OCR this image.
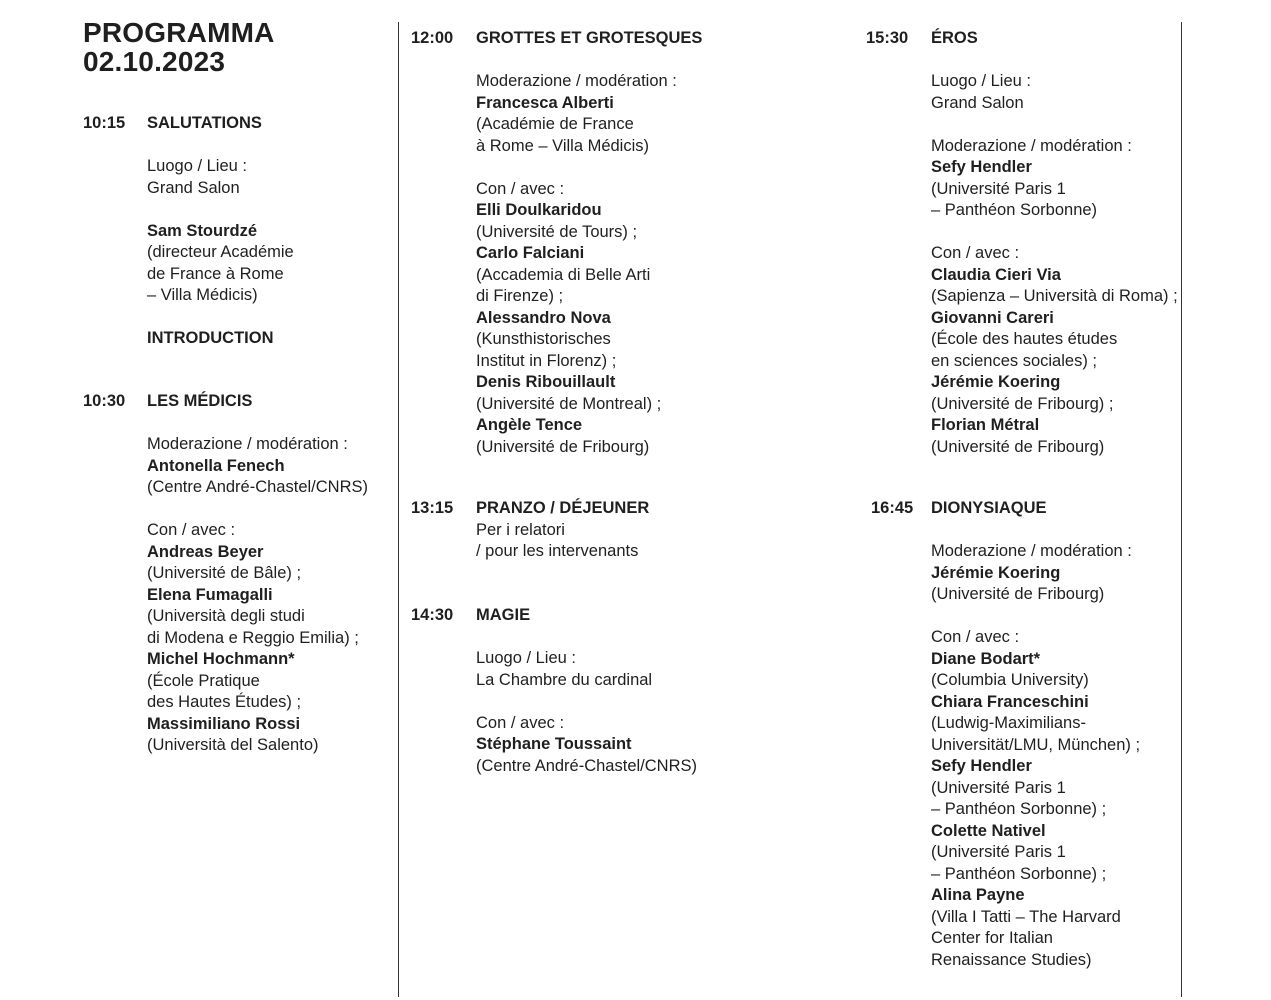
PROGRAMMA
02.10.2023
10:15 SALUTATIONS
Luogo / Lieu :
Grand Salon
Sam Stourdzé
(directeur Académie
de France à Rome
– Villa Médicis)
INTRODUCTION
10:30 LES MÉDICIS
Moderazione / modération :
Antonella Fenech
(Centre André-Chastel/CNRS)
Con / avec :
Andreas Beyer
(Université de Bâle) ;
Elena Fumagalli
(Università degli studi
di Modena e Reggio Emilia) ;
Michel Hochmann*
(École Pratique
des Hautes Études) ;
Massimiliano Rossi
(Università del Salento)
12:00 GROTTES ET GROTESQUES
Moderazione / modération :
Francesca Alberti
(Académie de France
à Rome – Villa Médicis)
Con / avec :
Elli Doulkaridou
(Université de Tours) ;
Carlo Falciani
(Accademia di Belle Arti
di Firenze) ;
Alessandro Nova
(Kunsthistorisches
Institut in Florenz) ;
Denis Ribouillault
(Université de Montreal) ;
Angèle Tence
(Université de Fribourg)
13:15 PRANZO / DÉJEUNER
Per i relatori
/ pour les intervenants
14:30 MAGIE
Luogo / Lieu :
La Chambre du cardinal
Con / avec :
Stéphane Toussaint
(Centre André-Chastel/CNRS)
15:30 ÉROS
Luogo / Lieu :
Grand Salon
Moderazione / modération :
Sefy Hendler
(Université Paris 1
– Panthéon Sorbonne)
Con / avec :
Claudia Cieri Via
(Sapienza – Università di Roma) ;
Giovanni Careri
(École des hautes études
en sciences sociales) ;
Jérémie Koering
(Université de Fribourg) ;
Florian Métral
(Université de Fribourg)
16:45 DIONYSIAQUE
Moderazione / modération :
Jérémie Koering
(Université de Fribourg)
Con / avec :
Diane Bodart*
(Columbia University)
Chiara Franceschini
(Ludwig-Maximilians-
Universität/LMU, München) ;
Sefy Hendler
(Université Paris 1
– Panthéon Sorbonne) ;
Colette Nativel
(Université Paris 1
– Panthéon Sorbonne) ;
Alina Payne
(Villa I Tatti – The Harvard
Center for Italian
Renaissance Studies)
